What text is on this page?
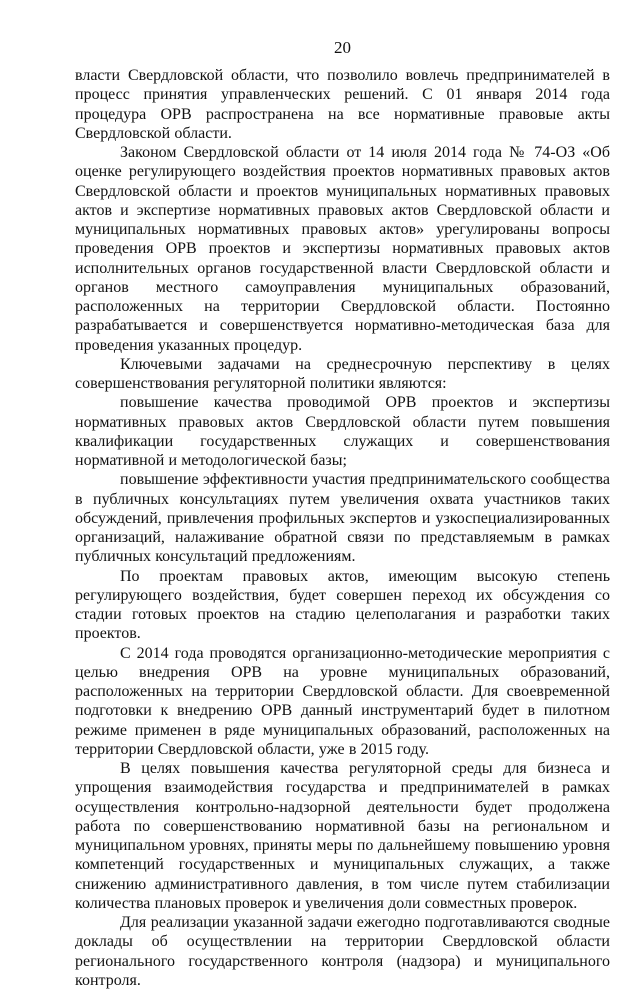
20

власти Свердловской области, что позволило вовлечь предпринимателей в процесс принятия управленческих решений. С 01 января 2014 года процедура ОРВ распространена на все нормативные правовые акты Свердловской области.

Законом Свердловской области от 14 июля 2014 года № 74-ОЗ «Об оценке регулирующего воздействия проектов нормативных правовых актов Свердловской области и проектов муниципальных нормативных правовых актов и экспертизе нормативных правовых актов Свердловской области и муниципальных нормативных правовых актов» урегулированы вопросы проведения ОРВ проектов и экспертизы нормативных правовых актов исполнительных органов государственной власти Свердловской области и органов местного самоуправления муниципальных образований, расположенных на территории Свердловской области. Постоянно разрабатывается и совершенствуется нормативно-методическая база для проведения указанных процедур.

Ключевыми задачами на среднесрочную перспективу в целях совершенствования регуляторной политики являются:

повышение качества проводимой ОРВ проектов и экспертизы нормативных правовых актов Свердловской области путем повышения квалификации государственных служащих и совершенствования нормативной и методологической базы;

повышение эффективности участия предпринимательского сообщества в публичных консультациях путем увеличения охвата участников таких обсуждений, привлечения профильных экспертов и узкоспециализированных организаций, налаживание обратной связи по представляемым в рамках публичных консультаций предложениям.

По проектам правовых актов, имеющим высокую степень регулирующего воздействия, будет совершен переход их обсуждения со стадии готовых проектов на стадию целеполагания и разработки таких проектов.

С 2014 года проводятся организационно-методические мероприятия с целью внедрения ОРВ на уровне муниципальных образований, расположенных на территории Свердловской области. Для своевременной подготовки к внедрению ОРВ данный инструментарий будет в пилотном режиме применен в ряде муниципальных образований, расположенных на территории Свердловской области, уже в 2015 году.

В целях повышения качества регуляторной среды для бизнеса и упрощения взаимодействия государства и предпринимателей в рамках осуществления контрольно-надзорной деятельности будет продолжена работа по совершенствованию нормативной базы на региональном и муниципальном уровнях, приняты меры по дальнейшему повышению уровня компетенций государственных и муниципальных служащих, а также снижению административного давления, в том числе путем стабилизации количества плановых проверок и увеличения доли совместных проверок.

Для реализации указанной задачи ежегодно подготавливаются сводные доклады об осуществлении на территории Свердловской области регионального государственного контроля (надзора) и муниципального контроля.
